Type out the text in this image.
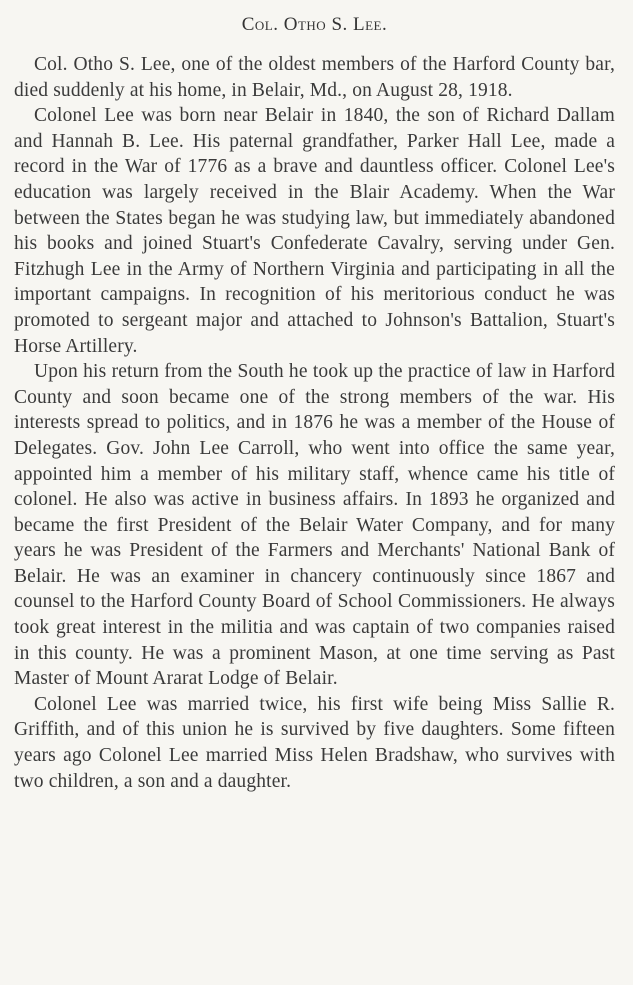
Col. Otho S. Lee.

Col. Otho S. Lee, one of the oldest members of the Harford County bar, died suddenly at his home, in Belair, Md., on August 28, 1918.

Colonel Lee was born near Belair in 1840, the son of Richard Dallam and Hannah B. Lee. His paternal grandfather, Parker Hall Lee, made a record in the War of 1776 as a brave and dauntless officer. Colonel Lee's education was largely received in the Blair Academy. When the War between the States began he was studying law, but immediately abandoned his books and joined Stuart's Confederate Cavalry, serving under Gen. Fitzhugh Lee in the Army of Northern Virginia and participating in all the important campaigns. In recognition of his meritorious conduct he was promoted to sergeant major and attached to Johnson's Battalion, Stuart's Horse Artillery.

Upon his return from the South he took up the practice of law in Harford County and soon became one of the strong members of the war. His interests spread to politics, and in 1876 he was a member of the House of Delegates. Gov. John Lee Carroll, who went into office the same year, appointed him a member of his military staff, whence came his title of colonel. He also was active in business affairs. In 1893 he organized and became the first President of the Belair Water Company, and for many years he was President of the Farmers and Merchants' National Bank of Belair. He was an examiner in chancery continuously since 1867 and counsel to the Harford County Board of School Commissioners. He always took great interest in the militia and was captain of two companies raised in this county. He was a prominent Mason, at one time serving as Past Master of Mount Ararat Lodge of Belair.

Colonel Lee was married twice, his first wife being Miss Sallie R. Griffith, and of this union he is survived by five daughters. Some fifteen years ago Colonel Lee married Miss Helen Bradshaw, who survives with two children, a son and a daughter.
